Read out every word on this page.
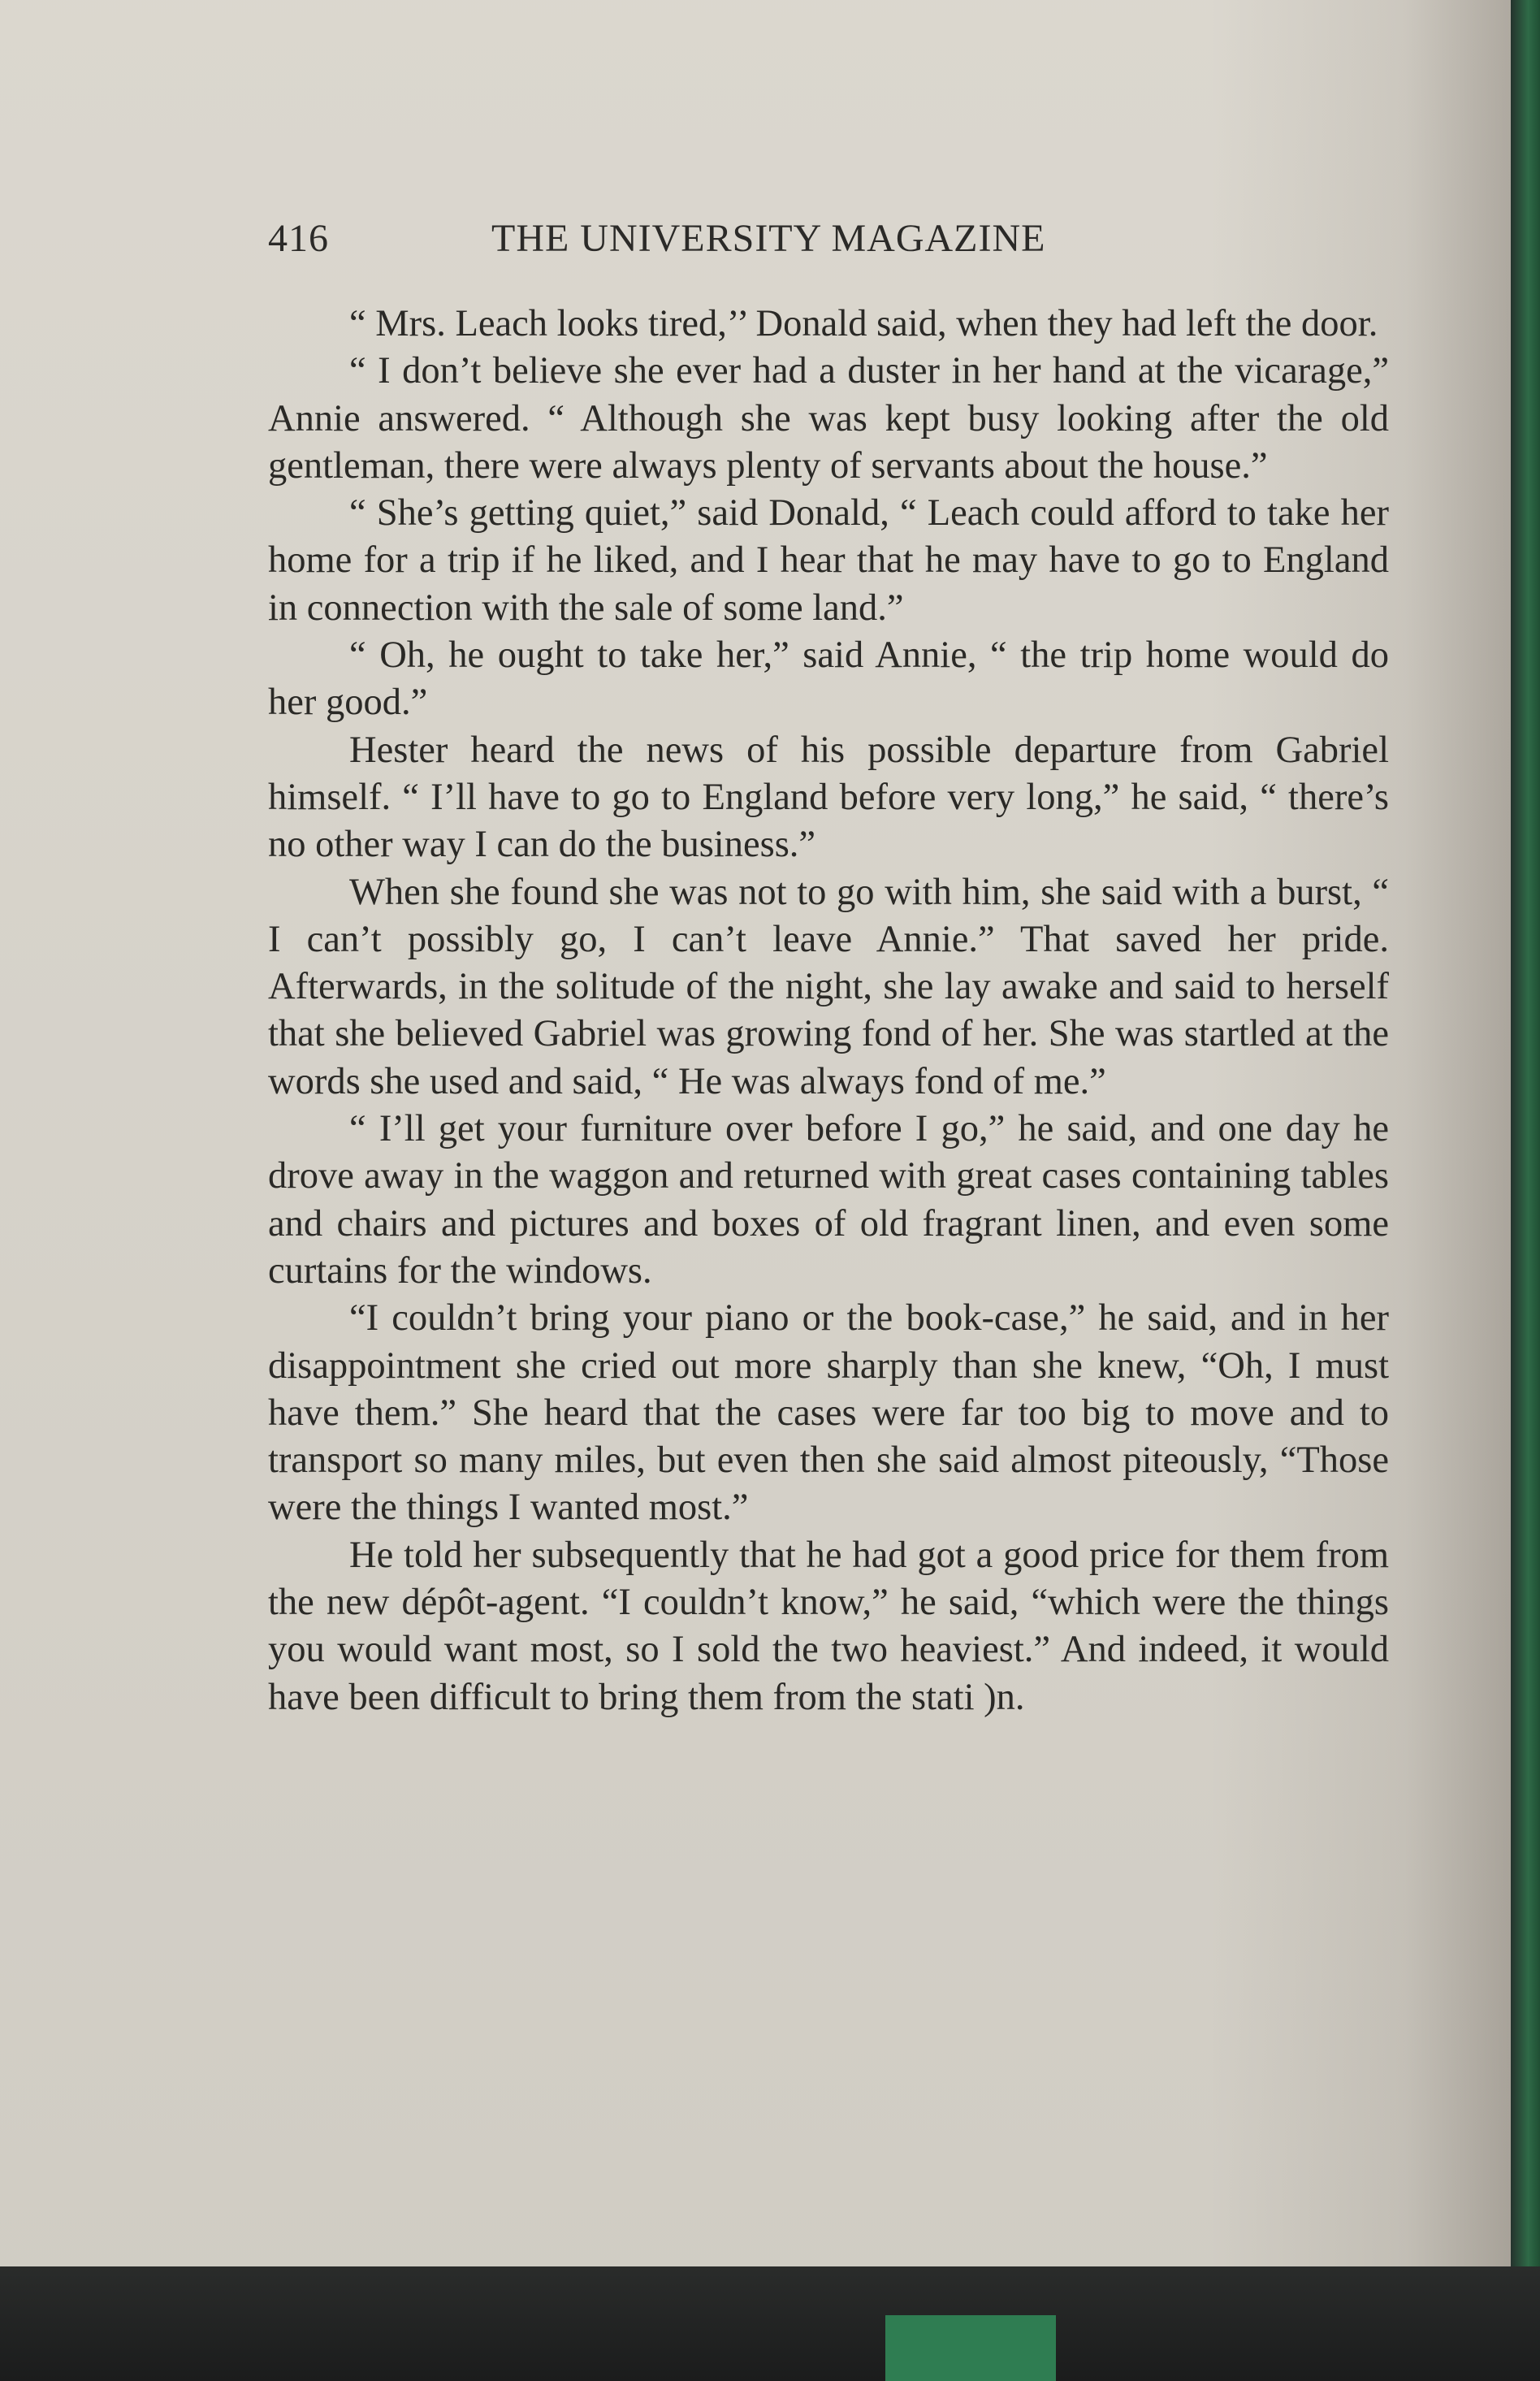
416	THE UNIVERSITY MAGAZINE

“ Mrs. Leach looks tired,’’ Donald said, when they had left the door.

“ I don’t believe she ever had a duster in her hand at the vicarage,” Annie answered. “ Although she was kept busy looking after the old gentleman, there were always plenty of servants about the house.”

“ She’s getting quiet,” said Donald, “ Leach could afford to take her home for a trip if he liked, and I hear that he may have to go to England in connection with the sale of some land.”

“ Oh, he ought to take her,” said Annie, “ the trip home would do her good.”

Hester heard the news of his possible departure from Gabriel himself. “ I’ll have to go to England before very long,” he said, “ there’s no other way I can do the business.”

When she found she was not to go with him, she said with a burst, “ I can’t possibly go, I can’t leave Annie.” That saved her pride. Afterwards, in the solitude of the night, she lay awake and said to herself that she believed Gabriel was growing fond of her. She was startled at the words she used and said, “ He was always fond of me.”

“ I’ll get your furniture over before I go,” he said, and one day he drove away in the waggon and returned with great cases containing tables and chairs and pictures and boxes of old fragrant linen, and even some curtains for the windows.

“I couldn’t bring your piano or the book-case,” he said, and in her disappointment she cried out more sharply than she knew, “Oh, I must have them.” She heard that the cases were far too big to move and to transport so many miles, but even then she said almost piteously, “Those were the things I wanted most.”

He told her subsequently that he had got a good price for them from the new dépôt-agent. “I couldn’t know,” he said, “which were the things you would want most, so I sold the two heaviest.” And indeed, it would have been difficult to bring them from the stati )n.
